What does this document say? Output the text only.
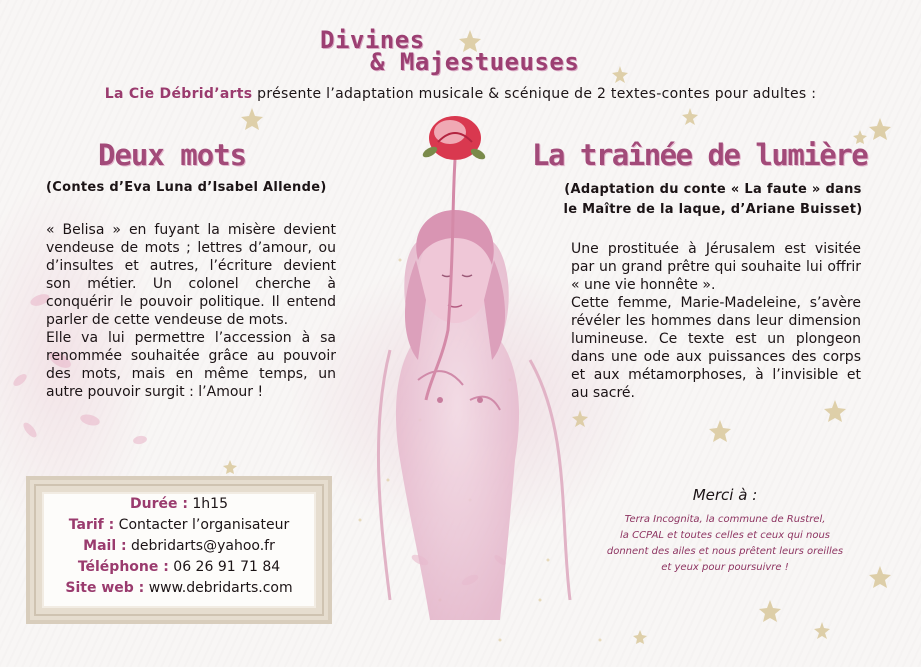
Divines
& Majestueuses
La Cie Débrid’arts présente l’adaptation musicale & scénique de 2 textes-contes pour adultes :
Deux mots
(Contes d’Eva Luna d’Isabel Allende)

« Belisa » en fuyant la misère devient vendeuse de mots ; lettres d’amour, ou d’insultes et autres, l’écriture devient son métier. Un colonel cherche à conquérir le pouvoir politique. Il entend parler de cette vendeuse de mots.

Elle va lui permettre l’accession à sa renommée souhaitée grâce au pouvoir des mots, mais en même temps, un autre pouvoir surgit : l’Amour !

La traînée de lumière
(Adaptation du conte « La faute » dans
le Maître de la laque, d’Ariane Buisset)

Une prostituée à Jérusalem est visitée par un grand prêtre qui souhaite lui offrir « une vie honnête ».

Cette femme, Marie-Madeleine, s’avère révéler les hommes dans leur dimension lumineuse. Ce texte est un plongeon dans une ode aux puissances des corps et aux métamorphoses, à l’invisible et au sacré.

Durée : 1h15
Tarif : Contacter l’organisateur
Mail : debridarts@yahoo.fr
Téléphone : 06 26 91 71 84
Site web : www.debridarts.com
Merci à :
Terra Incognita, la commune de Rustrel,
la CCPAL et toutes celles et ceux qui nous
donnent des ailes et nous prêtent leurs oreilles
et yeux pour poursuivre !
